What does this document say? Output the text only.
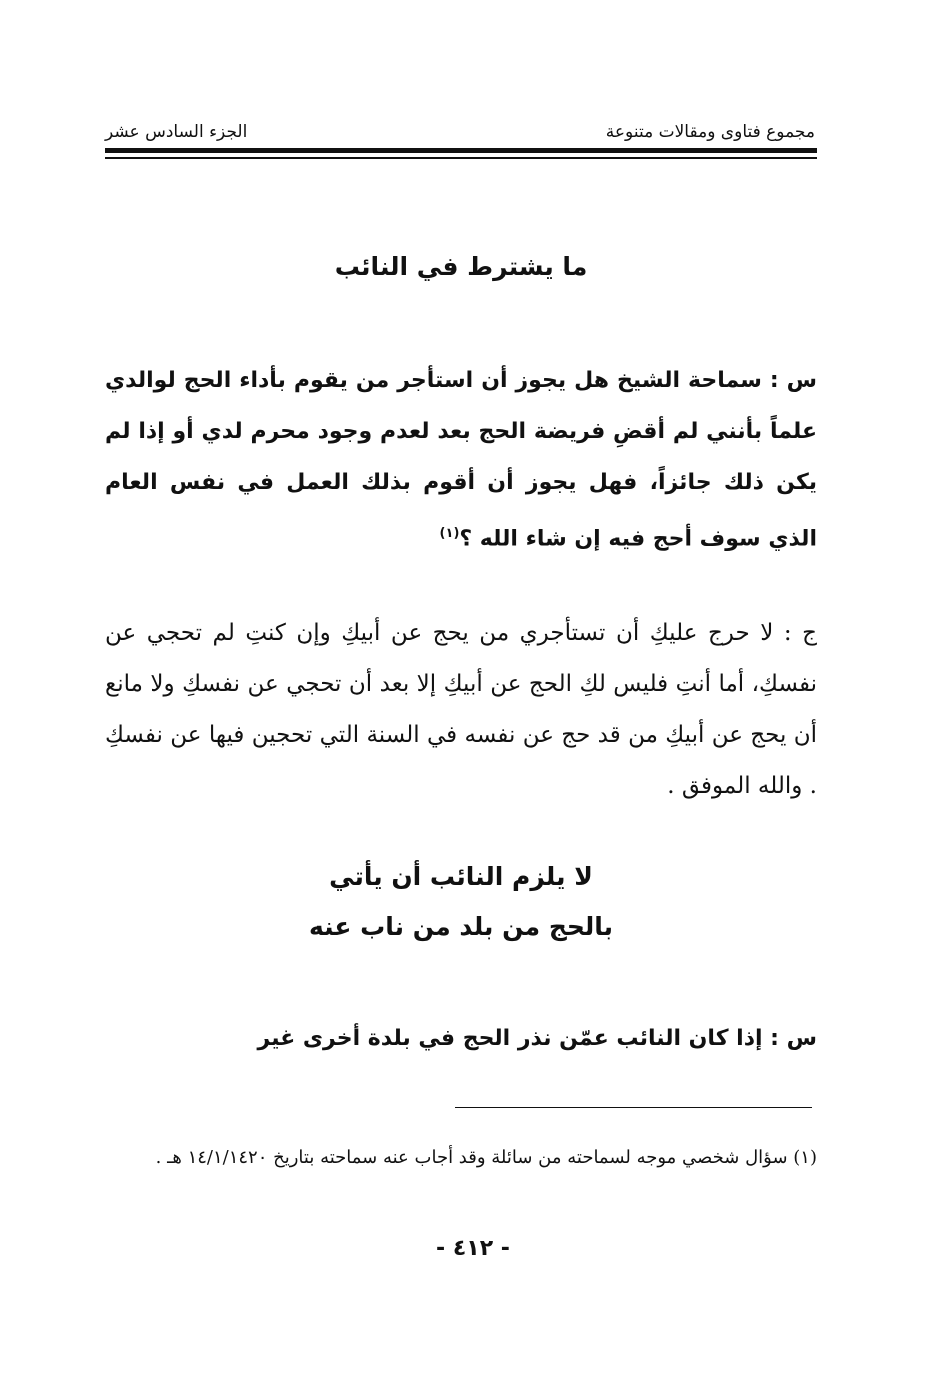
مجموع فتاوى ومقالات متنوعة
الجزء السادس عشر
ما يشترط في النائب
س : سماحة الشيخ هل يجوز أن استأجر من يقوم بأداء الحج لوالدي علماً بأنني لم أقضِ فريضة الحج بعد لعدم وجود محرم لدي أو إذا لم يكن ذلك جائزاً، فهل يجوز أن أقوم بذلك العمل في نفس العام الذي سوف أحج فيه إن شاء الله ؟$^{(١)}$
ج : لا حرج عليكِ أن تستأجري من يحج عن أبيكِ وإن كنتِ لم تحجي عن نفسكِ، أما أنتِ فليس لكِ الحج عن أبيكِ إلا بعد أن تحجي عن نفسكِ ولا مانع أن يحج عن أبيكِ من قد حج عن نفسه في السنة التي تحجين فيها عن نفسكِ . والله الموفق .
لا يلزم النائب أن يأتي
بالحج من بلد من ناب عنه
س : إذا كان النائب عمّن نذر الحج في بلدة أخرى غير
(١) سؤال شخصي موجه لسماحته من سائلة وقد أجاب عنه سماحته بتاريخ ١٤/١/١٤٢٠ هـ .
- ٤١٢ -
